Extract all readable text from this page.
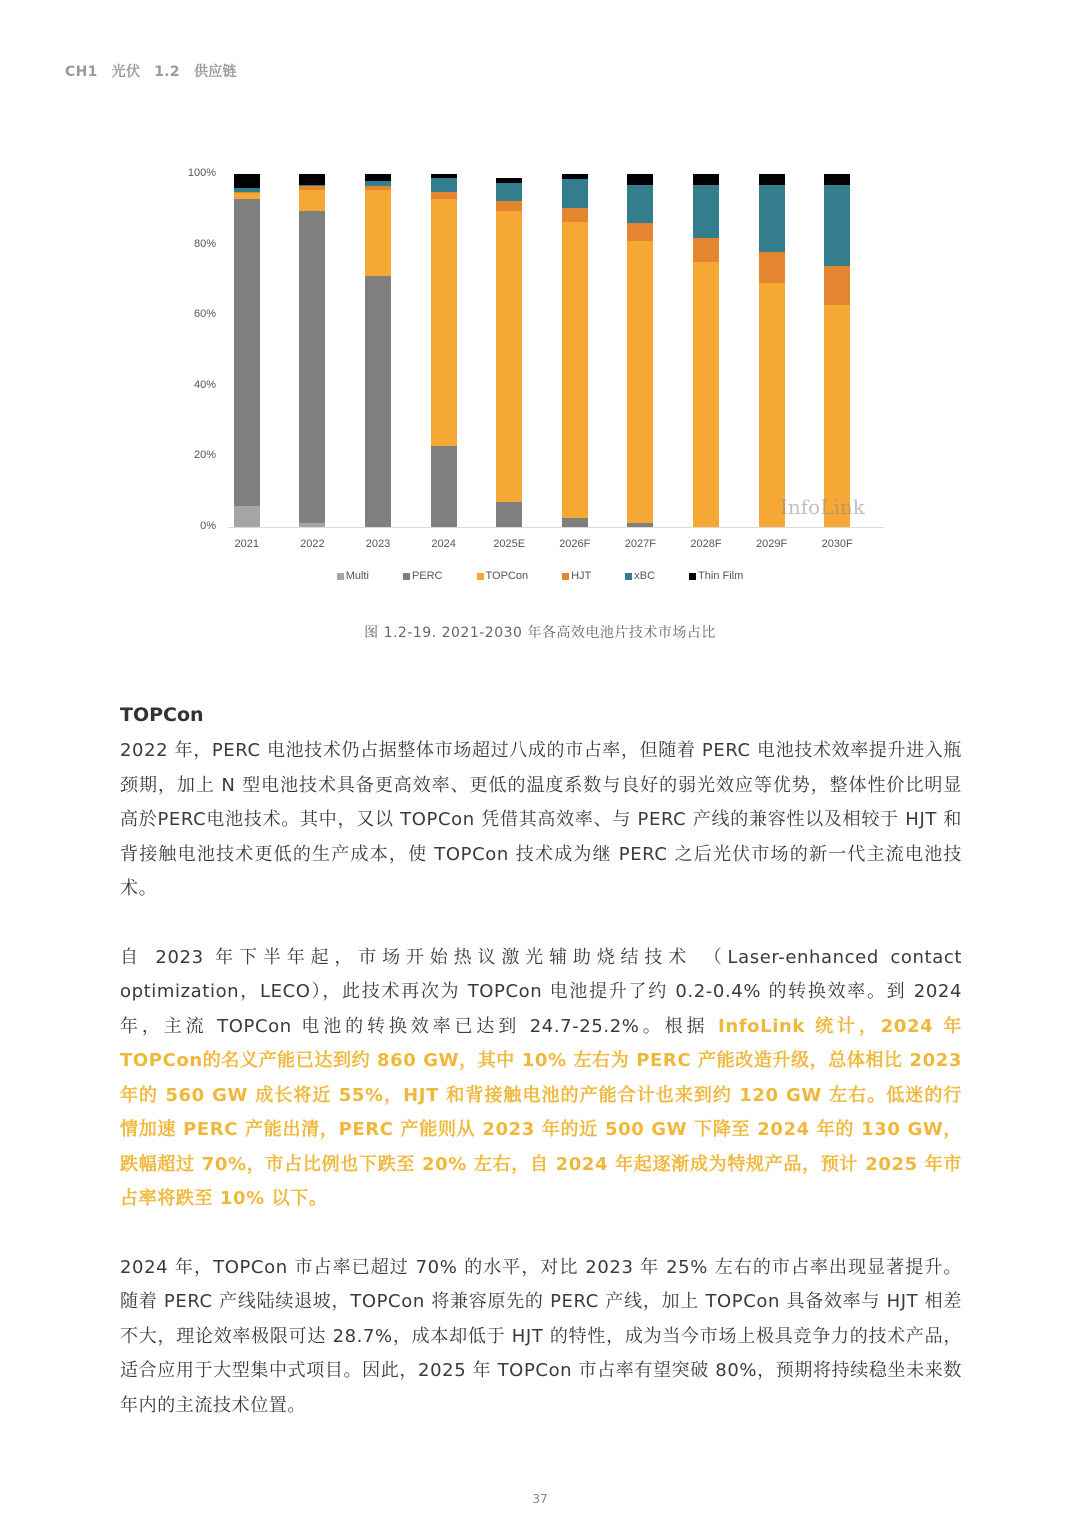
CH1 光伏 1.2 供应链
0%
20%
40%
60%
80%
100%
2021	2022	2023	2024	2025E	2026F	2027F	2028F	2029F	2030F
Multi	PERC	TOPCon	HJT	xBC	Thin Film
InfoLink
图 1.2-19. 2021-2030 年各高效电池片技术市场占比
TOPCon

2022 年，PERC 电池技术仍占据整体市场超过八成的市占率，但随着 PERC 电池技术效率提升进入瓶颈期，加上 N 型电池技术具备更高效率、更低的温度系数与良好的弱光效应等优势，整体性价比明显高於PERC电池技术。其中，又以 TOPCon 凭借其高效率、与 PERC 产线的兼容性以及相较于 HJT 和背接触电池技术更低的生产成本，使 TOPCon 技术成为继 PERC 之后光伏市场的新一代主流电池技术。

自 2023 年下半年起，市场开始热议激光辅助烧结技术 （Laser-enhanced contact optimization，LECO），此技术再次为 TOPCon 电池提升了约 0.2-0.4% 的转换效率。到 2024 年，主流 TOPCon 电池的转换效率已达到 24.7-25.2%。根据 InfoLink 统计，2024 年 TOPCon的名义产能已达到约 860 GW，其中 10% 左右为 PERC 产能改造升级，总体相比 2023 年的 560 GW 成长将近 55%，HJT 和背接触电池的产能合计也来到约 120 GW 左右。低迷的行情加速 PERC 产能出清，PERC 产能则从 2023 年的近 500 GW 下降至 2024 年的 130 GW，跌幅超过 70%，市占比例也下跌至 20% 左右，自 2024 年起逐渐成为特规产品，预计 2025 年市占率将跌至 10% 以下。

2024 年，TOPCon 市占率已超过 70% 的水平，对比 2023 年 25% 左右的市占率出现显著提升。随着 PERC 产线陆续退坡，TOPCon 将兼容原先的 PERC 产线，加上 TOPCon 具备效率与 HJT 相差不大，理论效率极限可达 28.7%，成本却低于 HJT 的特性，成为当今市场上极具竞争力的技术产品，适合应用于大型集中式项目。因此，2025 年 TOPCon 市占率有望突破 80%，预期将持续稳坐未来数年内的主流技术位置。

37
